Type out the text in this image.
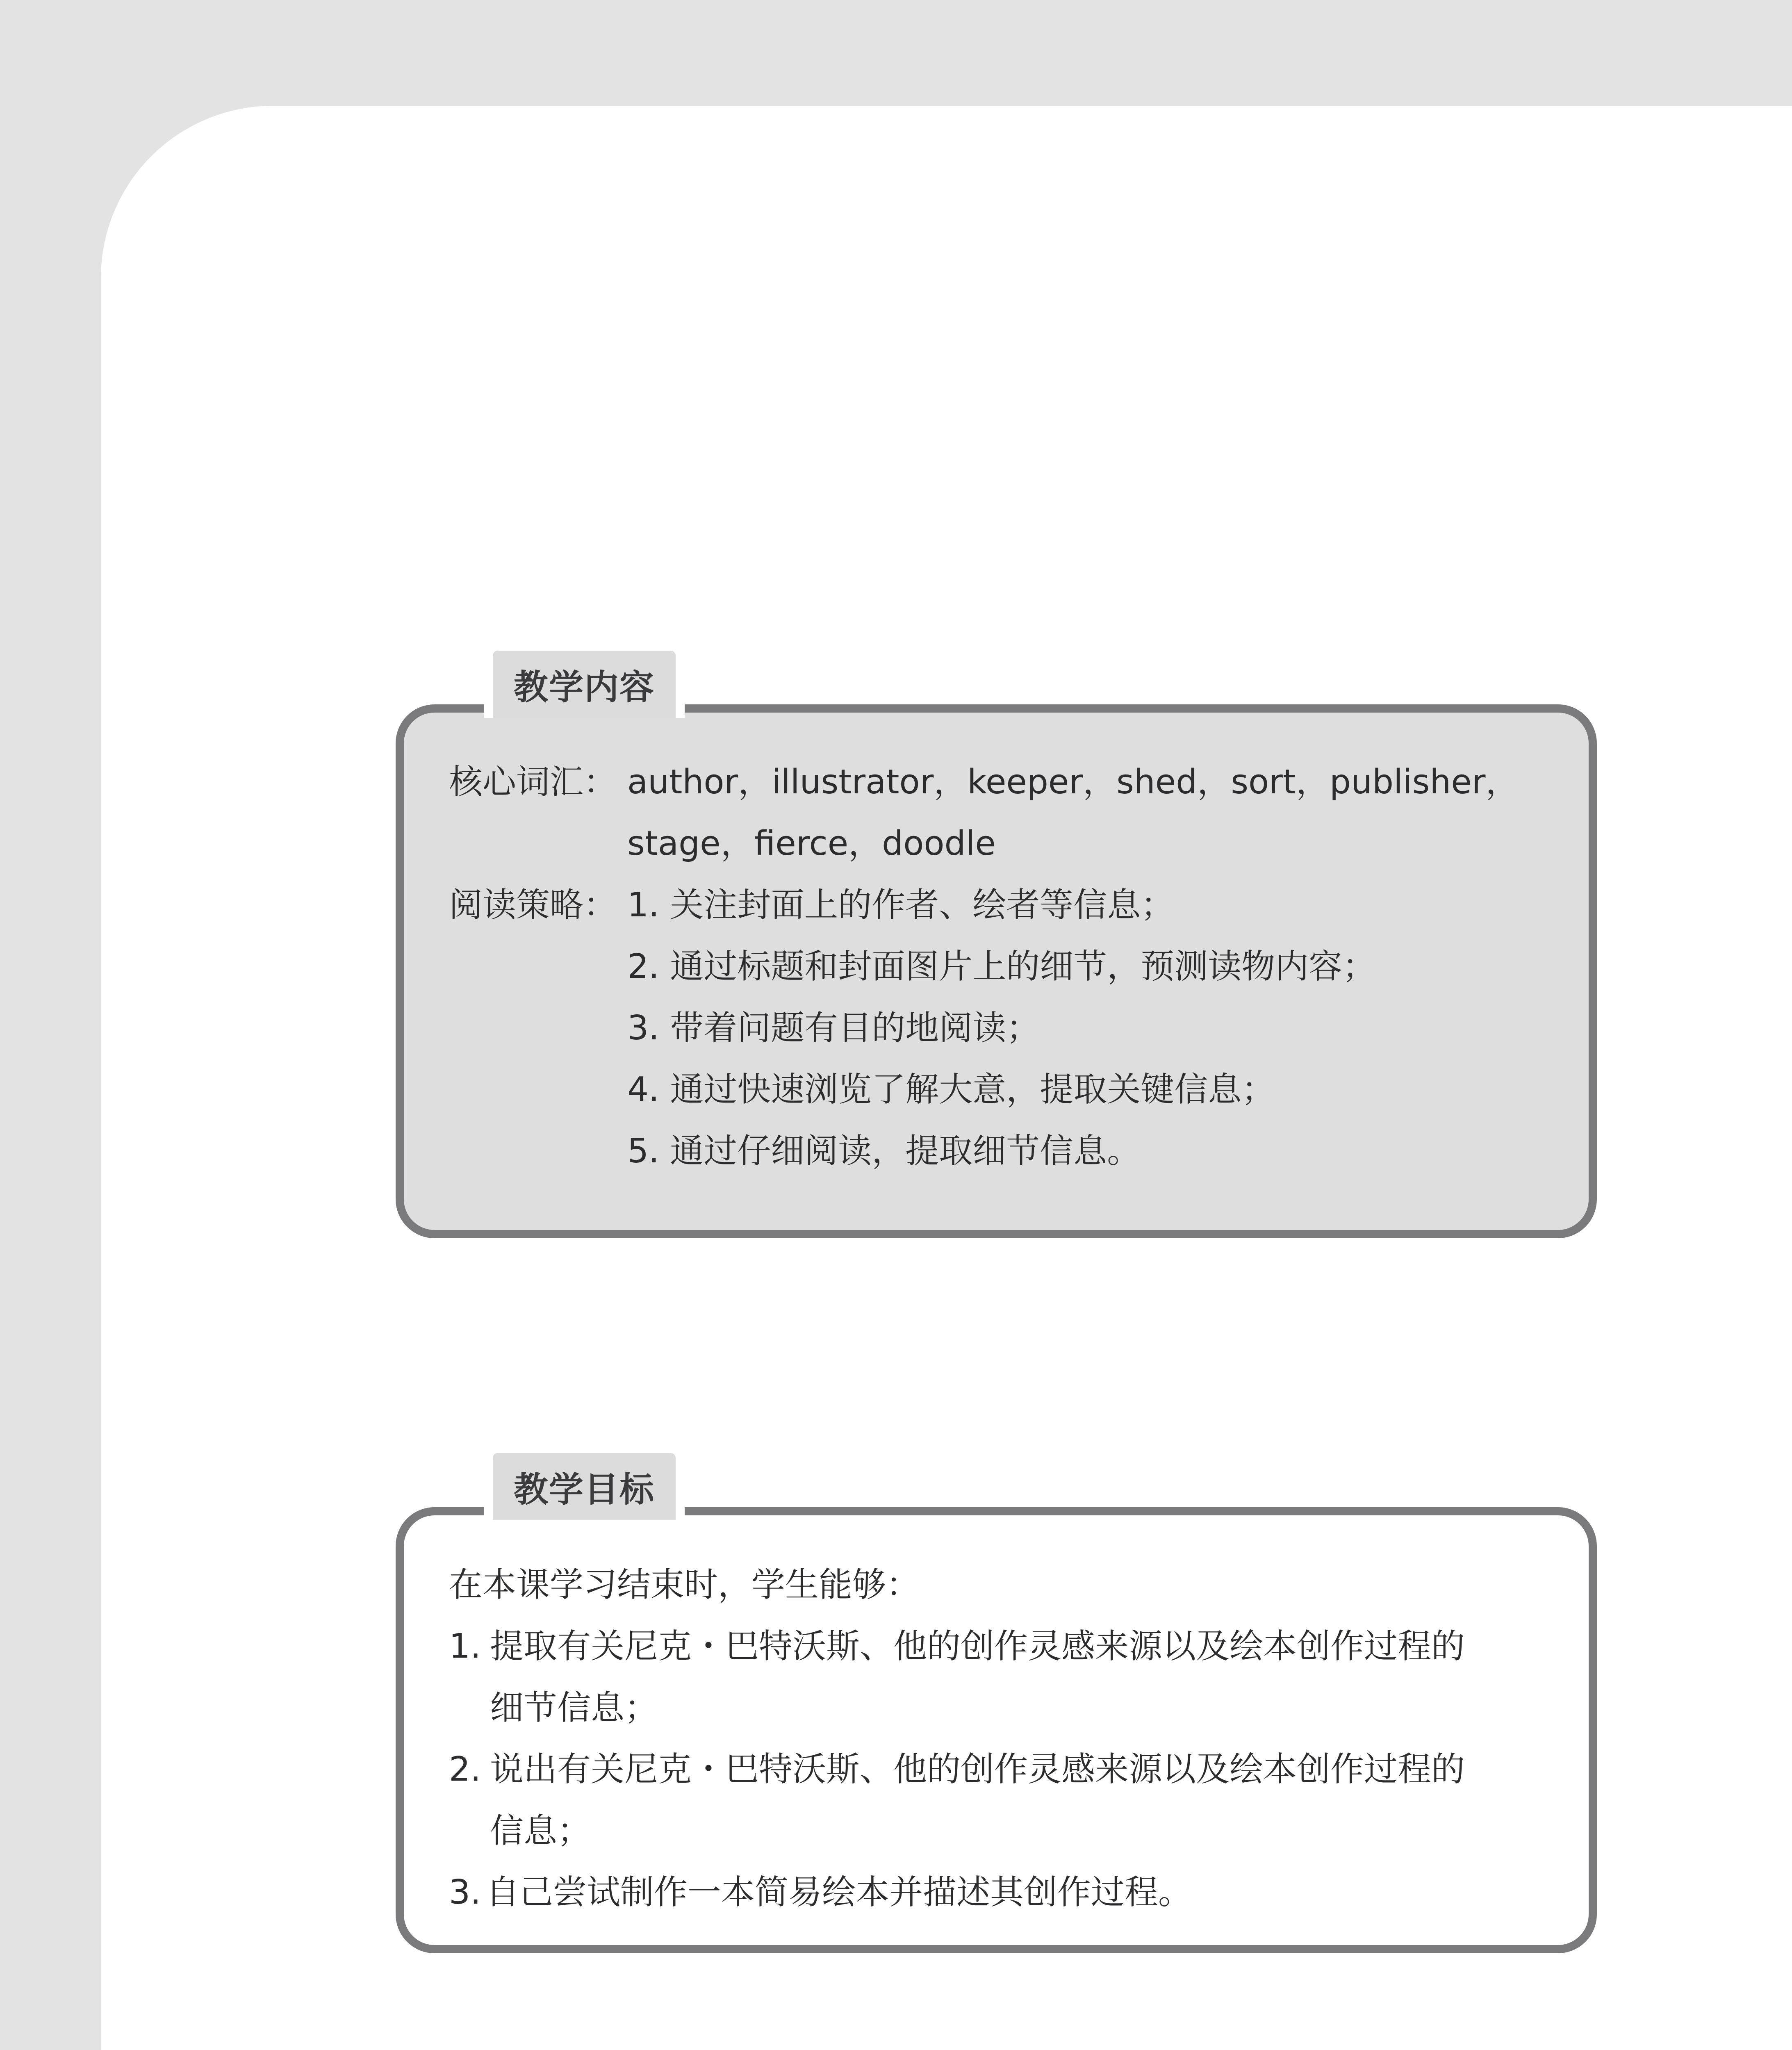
教学内容
核心词汇： author，illustrator，keeper，shed，sort，publisher，
stage，fierce，doodle
阅读策略： 1. 关注封面上的作者、绘者等信息；
2. 通过标题和封面图片上的细节，预测读物内容；
3. 带着问题有目的地阅读；
4. 通过快速浏览了解大意，提取关键信息；
5. 通过仔细阅读，提取细节信息。
教学目标
在本课学习结束时，学生能够：
1. 提取有关尼克・巴特沃斯、他的创作灵感来源以及绘本创作过程的
细节信息；
2. 说出有关尼克・巴特沃斯、他的创作灵感来源以及绘本创作过程的
信息；
3. 自己尝试制作一本简易绘本并描述其创作过程。
